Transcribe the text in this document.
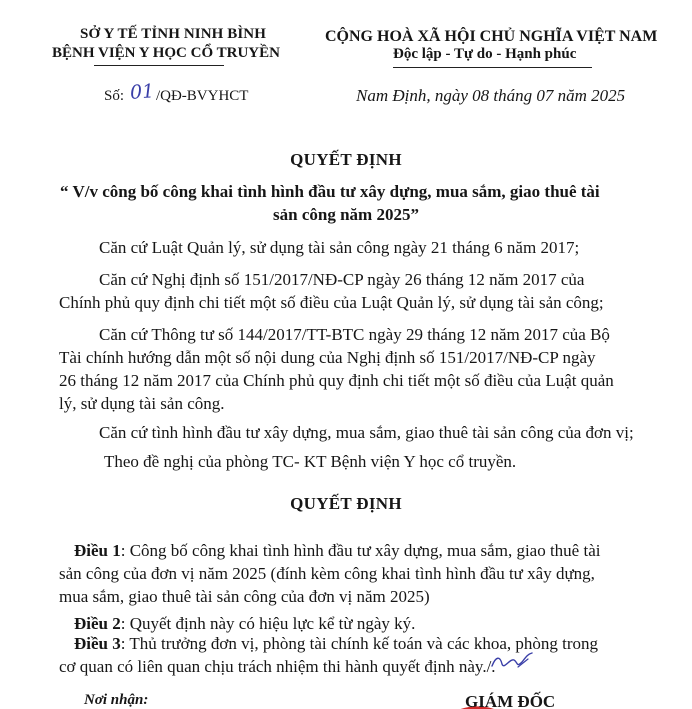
SỞ Y TẾ TỈNH NINH BÌNH
BỆNH VIỆN Y HỌC CỔ TRUYỀN
Số: 01/QĐ-BVYHCT
CỘNG HOÀ XÃ HỘI CHỦ NGHĨA VIỆT NAM
Độc lập - Tự do - Hạnh phúc
Nam Định, ngày 08 tháng 07 năm 2025
QUYẾT ĐỊNH
“ V/v công bố công khai tình hình đầu tư xây dựng, mua sắm, giao thuê tài
sản công năm 2025”
Căn cứ Luật Quản lý, sử dụng tài sản công ngày 21 tháng 6 năm 2017;
Căn cứ Nghị định số 151/2017/NĐ-CP ngày 26 tháng 12 năm 2017 của
Chính phủ quy định chi tiết một số điều của Luật Quản lý, sử dụng tài sản công;
Căn cứ Thông tư số 144/2017/TT-BTC ngày 29 tháng 12 năm 2017 của Bộ
Tài chính hướng dẫn một số nội dung của Nghị định số 151/2017/NĐ-CP ngày
26 tháng 12 năm 2017 của Chính phủ quy định chi tiết một số điều của Luật quản
lý, sử dụng tài sản công.
Căn cứ tình hình đầu tư xây dựng, mua sắm, giao thuê tài sản công của đơn vị;
Theo đề nghị của phòng TC- KT Bệnh viện Y học cổ truyền.
QUYẾT ĐỊNH
Điều 1: Công bố công khai tình hình đầu tư xây dựng, mua sắm, giao thuê tài
sản công của đơn vị năm 2025 (đính kèm công khai tình hình đầu tư xây dựng,
mua sắm, giao thuê tài sản công của đơn vị năm 2025)
Điều 2: Quyết định này có hiệu lực kể từ ngày ký.
Điều 3: Thủ trưởng đơn vị, phòng tài chính kế toán và các khoa, phòng trong
cơ quan có liên quan chịu trách nhiệm thi hành quyết định này./.
Nơi nhận:	GIÁM ĐỐC
